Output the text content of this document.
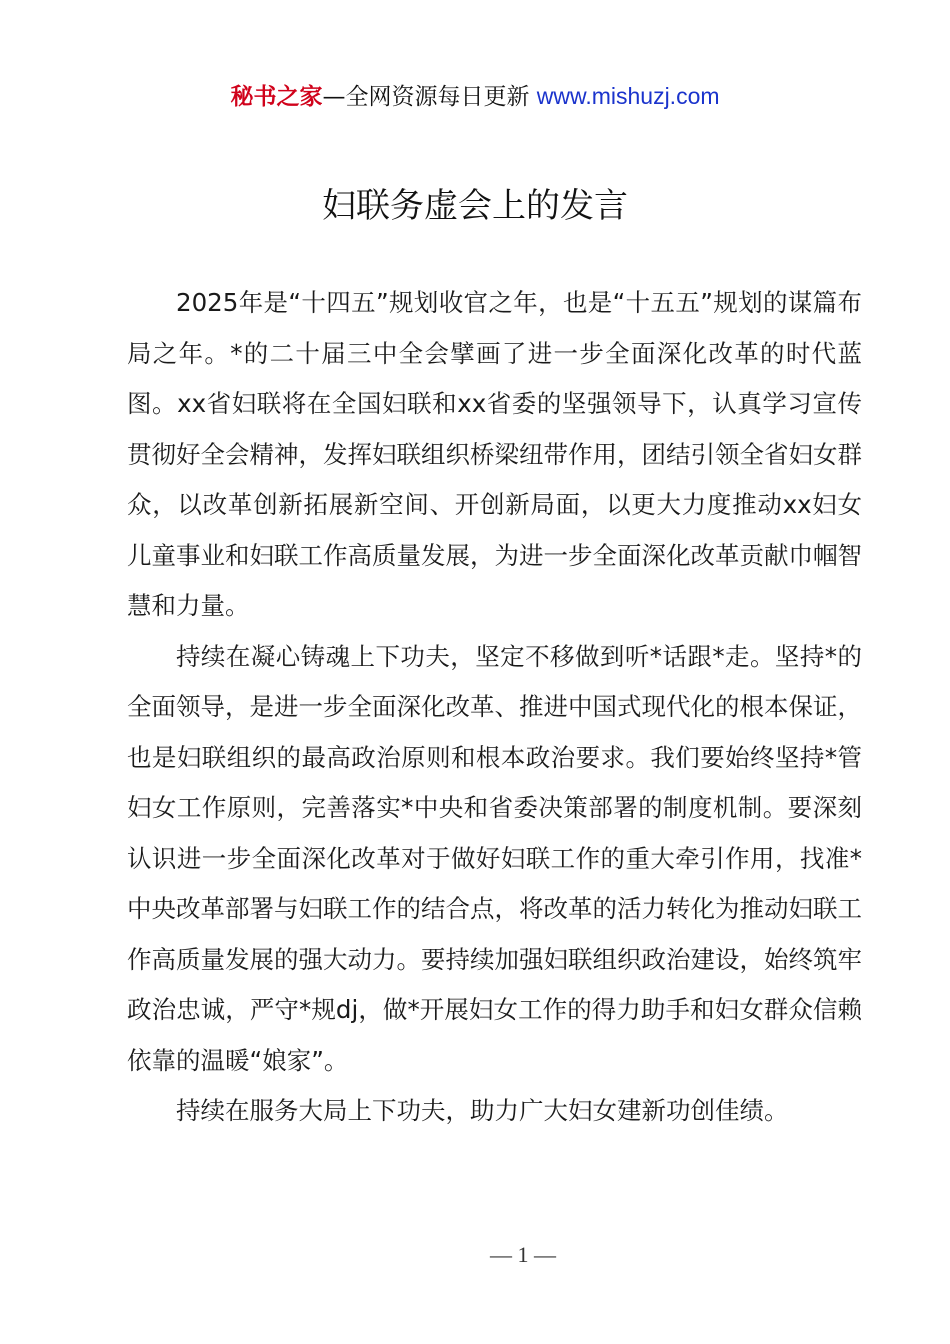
秘书之家—全网资源每日更新 www.mishuzj.com
妇联务虚会上的发言

2025年是“十四五”规划收官之年，也是“十五五”规划的谋篇布局之年。*的二十届三中全会擘画了进一步全面深化改革的时代蓝图。xx省妇联将在全国妇联和xx省委的坚强领导下，认真学习宣传贯彻好全会精神，发挥妇联组织桥梁纽带作用，团结引领全省妇女群众，以改革创新拓展新空间、开创新局面，以更大力度推动xx妇女儿童事业和妇联工作高质量发展，为进一步全面深化改革贡献巾帼智慧和力量。

持续在凝心铸魂上下功夫，坚定不移做到听*话跟*走。坚持*的全面领导，是进一步全面深化改革、推进中国式现代化的根本保证，也是妇联组织的最高政治原则和根本政治要求。我们要始终坚持*管妇女工作原则，完善落实*中央和省委决策部署的制度机制。要深刻认识进一步全面深化改革对于做好妇联工作的重大牵引作用，找准*中央改革部署与妇联工作的结合点，将改革的活力转化为推动妇联工作高质量发展的强大动力。要持续加强妇联组织政治建设，始终筑牢政治忠诚，严守*规dj，做*开展妇女工作的得力助手和妇女群众信赖依靠的温暖“娘家”。

持续在服务大局上下功夫，助力广大妇女建新功创佳绩。

— 1 —
